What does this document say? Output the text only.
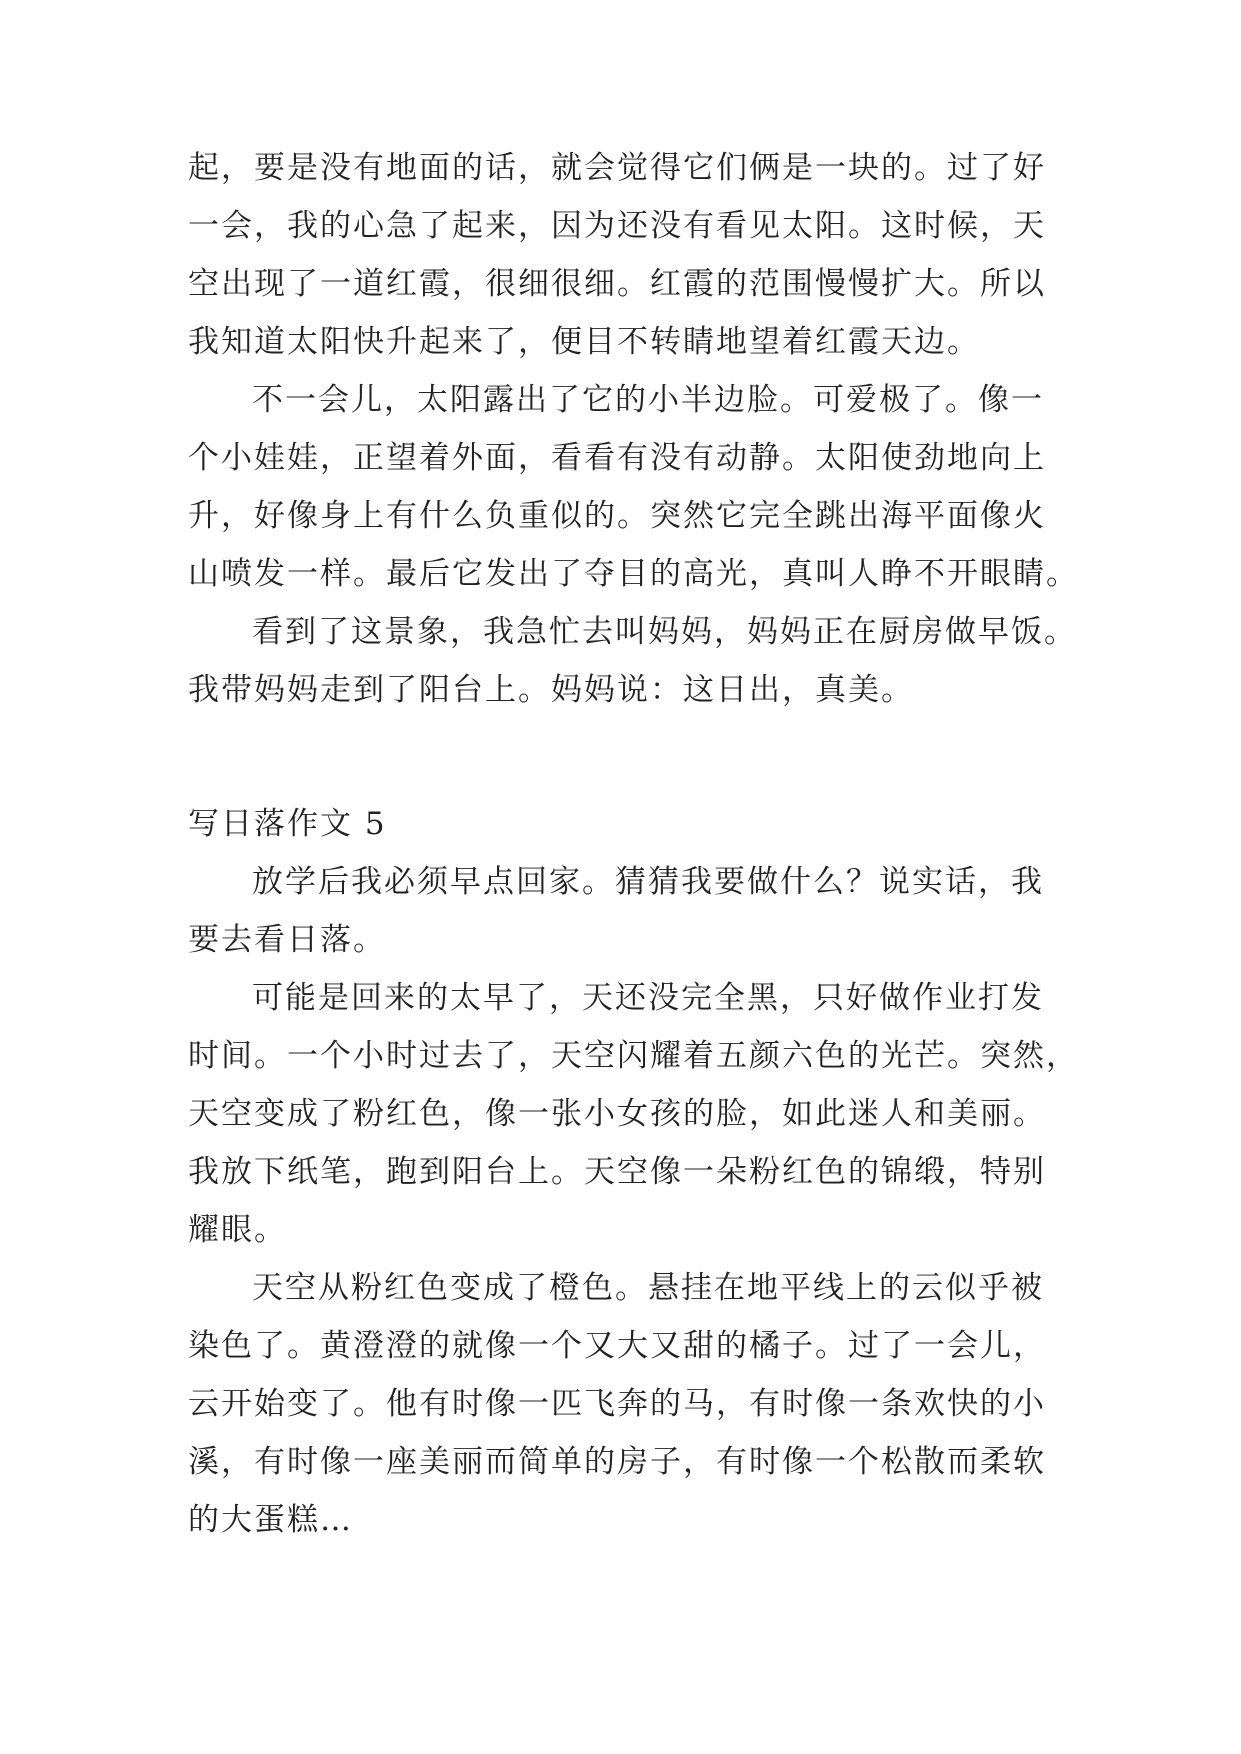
起，要是没有地面的话，就会觉得它们俩是一块的。过了好
一会，我的心急了起来，因为还没有看见太阳。这时候，天
空出现了一道红霞，很细很细。红霞的范围慢慢扩大。所以
我知道太阳快升起来了，便目不转睛地望着红霞天边。
不一会儿，太阳露出了它的小半边脸。可爱极了。像一
个小娃娃，正望着外面，看看有没有动静。太阳使劲地向上
升，好像身上有什么负重似的。突然它完全跳出海平面像火
山喷发一样。最后它发出了夺目的高光，真叫人睁不开眼睛。
看到了这景象，我急忙去叫妈妈，妈妈正在厨房做早饭。
我带妈妈走到了阳台上。妈妈说：这日出，真美。
写日落作文 5
放学后我必须早点回家。猜猜我要做什么？说实话，我
要去看日落。
可能是回来的太早了，天还没完全黑，只好做作业打发
时间。一个小时过去了，天空闪耀着五颜六色的光芒。突然，
天空变成了粉红色，像一张小女孩的脸，如此迷人和美丽。
我放下纸笔，跑到阳台上。天空像一朵粉红色的锦缎，特别
耀眼。
天空从粉红色变成了橙色。悬挂在地平线上的云似乎被
染色了。黄澄澄的就像一个又大又甜的橘子。过了一会儿，
云开始变了。他有时像一匹飞奔的马，有时像一条欢快的小
溪，有时像一座美丽而简单的房子，有时像一个松散而柔软
的大蛋糕…
